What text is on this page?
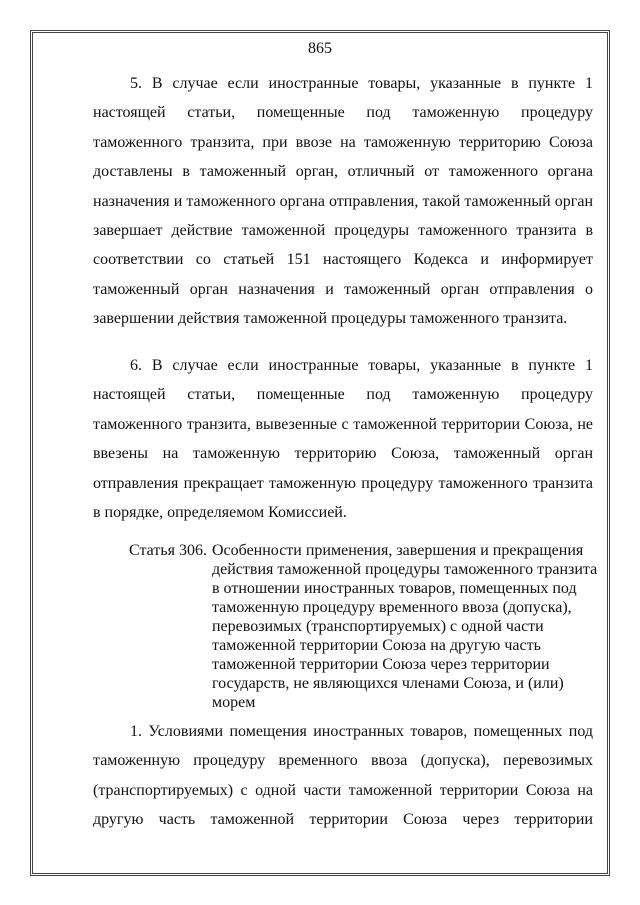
865

5. В случае если иностранные товары, указанные в пункте 1 настоящей статьи, помещенные под таможенную процедуру таможенного транзита, при ввозе на таможенную территорию Союза доставлены в таможенный орган, отличный от таможенного органа назначения и таможенного органа отправления, такой таможенный орган завершает действие таможенной процедуры таможенного транзита в соответствии со статьей 151 настоящего Кодекса и информирует таможенный орган назначения и таможенный орган отправления о завершении действия таможенной процедуры таможенного транзита.

6. В случае если иностранные товары, указанные в пункте 1 настоящей статьи, помещенные под таможенную процедуру таможенного транзита, вывезенные с таможенной территории Союза, не ввезены на таможенную территорию Союза, таможенный орган отправления прекращает таможенную процедуру таможенного транзита в порядке, определяемом Комиссией.

Статья 306. Особенности применения, завершения и прекращения действия таможенной процедуры таможенного транзита в отношении иностранных товаров, помещенных под таможенную процедуру временного ввоза (допуска), перевозимых (транспортируемых) с одной части таможенной территории Союза на другую часть таможенной территории Союза через территории государств, не являющихся членами Союза, и (или) морем

1. Условиями помещения иностранных товаров, помещенных под таможенную процедуру временного ввоза (допуска), перевозимых (транспортируемых) с одной части таможенной территории Союза на другую часть таможенной территории Союза через территории
